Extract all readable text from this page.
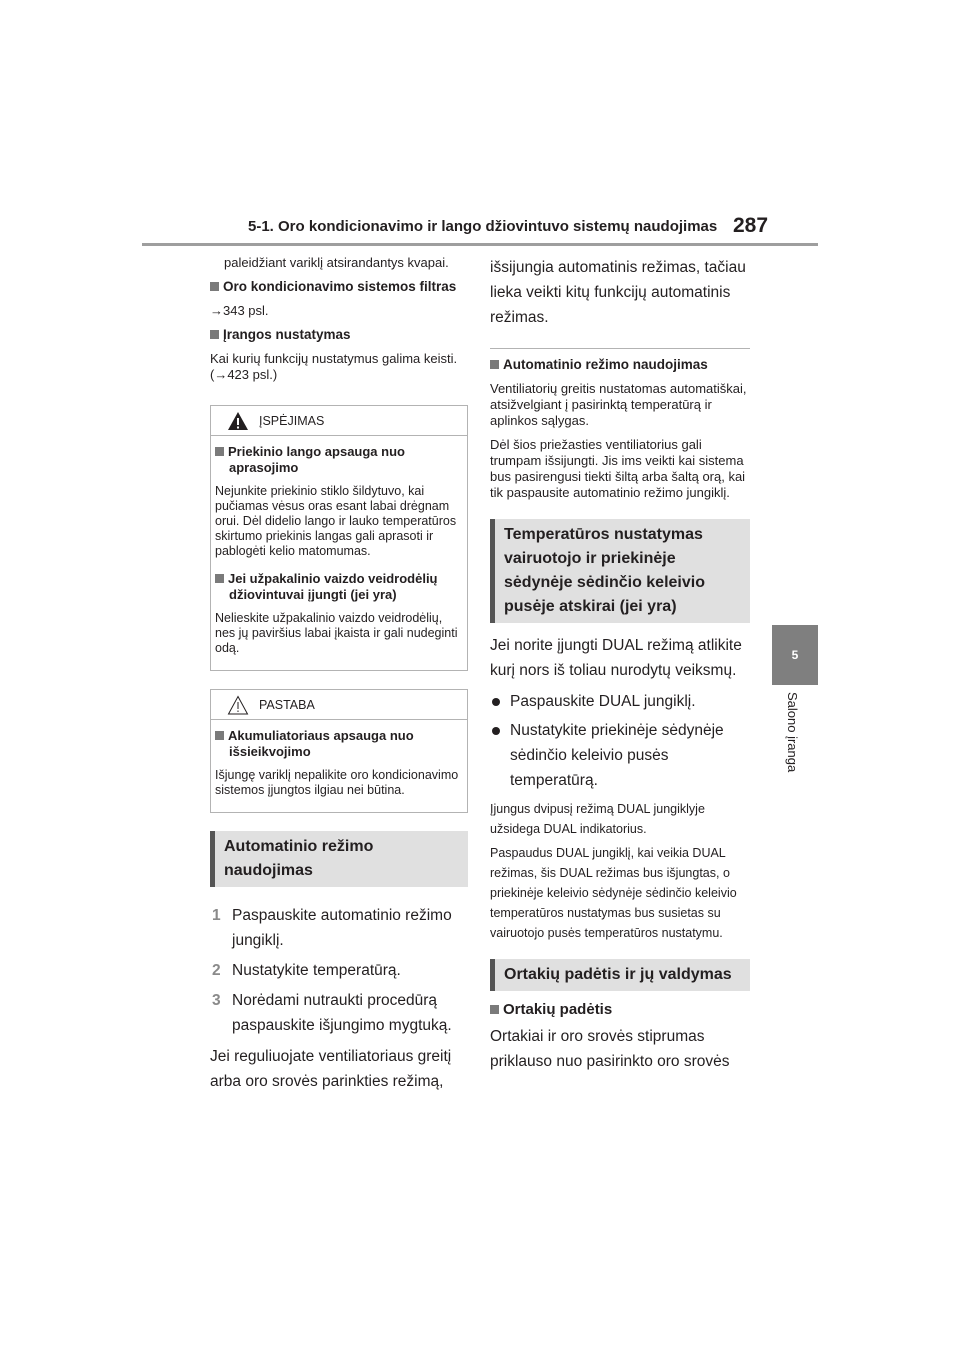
5-1. Oro kondicionavimo ir lango džiovintuvo sistemų naudojimas 287
5
Salono įranga

paleidžiant variklį atsirandantys kvapai.

Oro kondicionavimo sistemos filtras

→343 psl.

Įrangos nustatymas

Kai kurių funkcijų nustatymus galima keisti. (→423 psl.)

ĮSPĖJIMAS
Priekinio lango apsauga nuo aprasojimo

Nejunkite priekinio stiklo šildytuvo, kai pučiamas vėsus oras esant labai drėgnam orui. Dėl didelio lango ir lauko temperatūros skirtumo priekinis langas gali aprasoti ir pablogėti kelio matomumas.

Jei užpakalinio vaizdo veidrodėlių džiovintuvai įjungti (jei yra)

Nelieskite užpakalinio vaizdo veidrodėlių, nes jų paviršius labai įkaista ir gali nudeginti odą.

PASTABA
Akumuliatoriaus apsauga nuo išsieikvojimo

Išjungę variklį nepalikite oro kondicionavimo sistemos įjungtos ilgiau nei būtina.

Automatinio režimo naudojimas
1 Paspauskite automatinio režimo jungiklį.
2 Nustatykite temperatūrą.
3 Norėdami nutraukti procedūrą paspauskite išjungimo mygtuką.

Jei reguliuojate ventiliatoriaus greitį arba oro srovės parinkties režimą,

išsijungia automatinis režimas, tačiau lieka veikti kitų funkcijų automatinis režimas.

Automatinio režimo naudojimas

Ventiliatorių greitis nustatomas automatiškai, atsižvelgiant į pasirinktą temperatūrą ir aplinkos sąlygas.

Dėl šios priežasties ventiliatorius gali trumpam išsijungti. Jis ims veikti kai sistema bus pasirengusi tiekti šiltą arba šaltą orą, kai tik paspausite automatinio režimo jungiklį.

Temperatūros nustatymas vairuotojo ir priekinėje sėdynėje sėdinčio keleivio pusėje atskirai (jei yra)

Jei norite įjungti DUAL režimą atlikite kurį nors iš toliau nurodytų veiksmų.

Paspauskite DUAL jungiklį.
Nustatykite priekinėje sėdynėje sėdinčio keleivio pusės temperatūrą.

Įjungus dvipusį režimą DUAL jungiklyje užsidega DUAL indikatorius.

Paspaudus DUAL jungiklį, kai veikia DUAL režimas, šis DUAL režimas bus išjungtas, o priekinėje keleivio sėdynėje sėdinčio keleivio temperatūros nustatymas bus susietas su vairuotojo pusės temperatūros nustatymu.

Ortakių padėtis ir jų valdymas
Ortakių padėtis

Ortakiai ir oro srovės stiprumas priklauso nuo pasirinkto oro srovės
